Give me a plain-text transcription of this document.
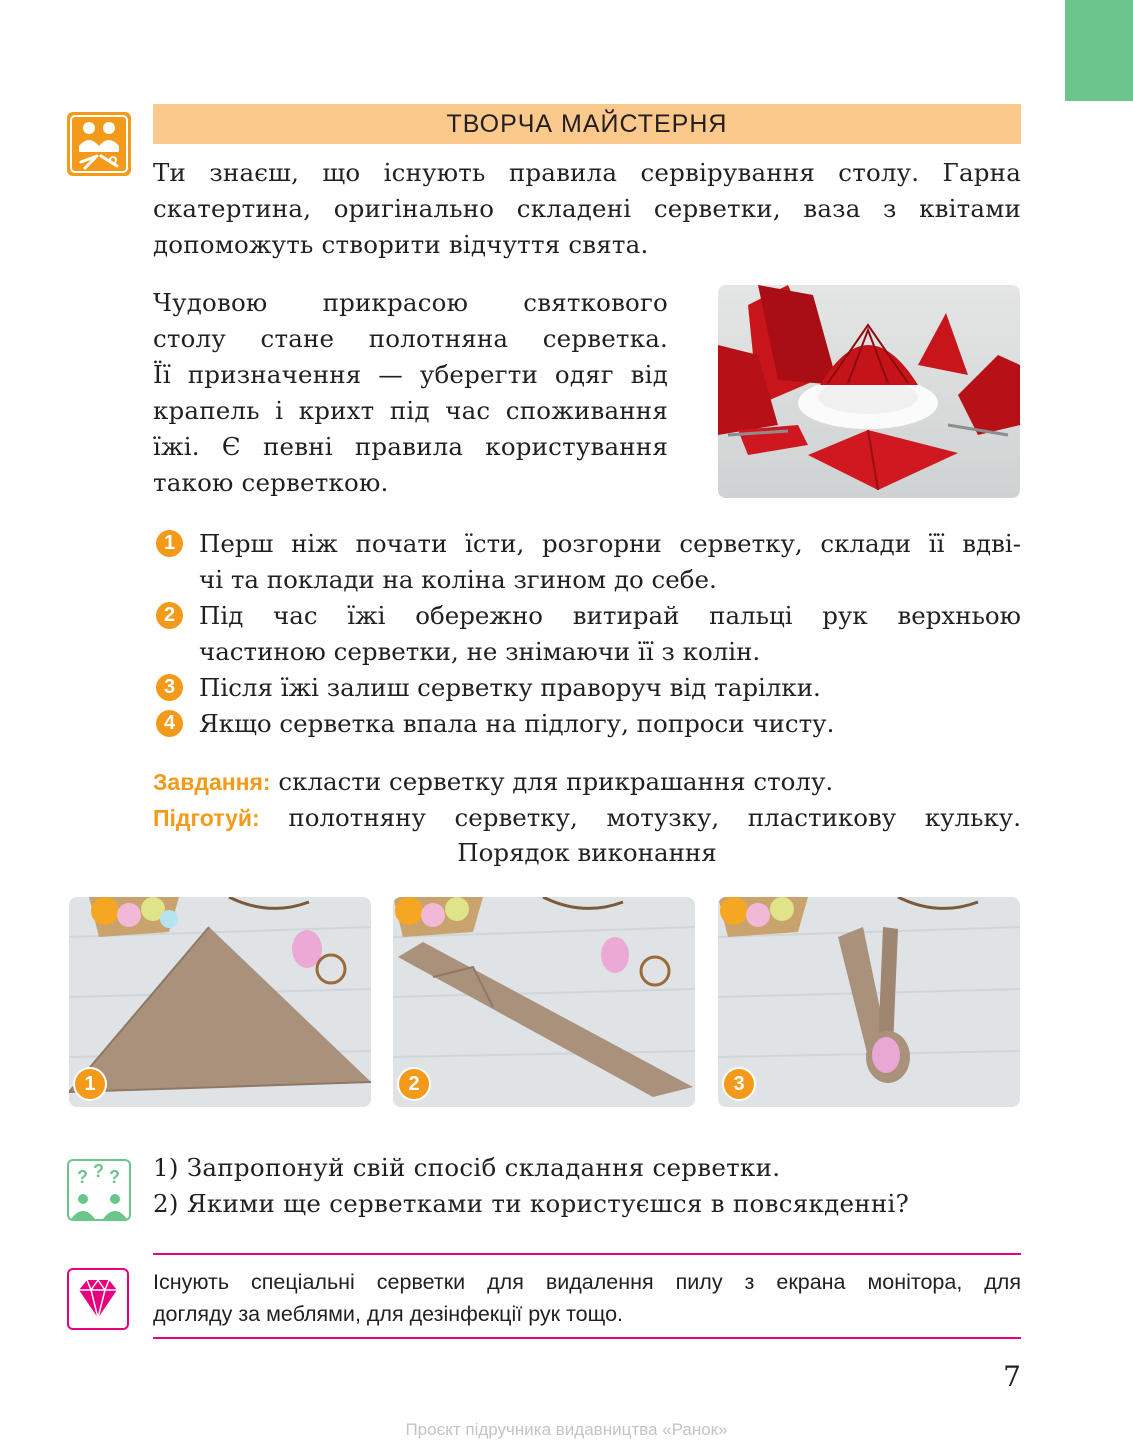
ТВОРЧА МАЙСТЕРНЯ
Ти знаєш, що існують правила сервірування столу. Гарна
скатертина, оригінально складені серветки, ваза з квітами
допоможуть створити відчуття свята.
Чудовою прикрасою святкового
столу стане полотняна серветка.
Її призначення — уберегти одяг від
крапель і крихт під час споживання
їжі. Є певні правила користування
такою серветкою.
1 Перш ніж почати їсти, розгорни серветку, склади її вдві-
чі та поклади на коліна згином до себе.
2 Під час їжі обережно витирай пальці рук верхньою
частиною серветки, не знімаючи її з колін.
3 Після їжі залиш серветку праворуч від тарілки.
4 Якщо серветка впала на підлогу, попроси чисту.
Завдання: скласти серветку для прикрашання столу.
Підготуй: полотняну серветку, мотузку, пластикову кульку.
Порядок виконання
1	2	3
? ? ? 1) Запропонуй свій спосіб складання серветки.
2) Якими ще серветками ти користуєшся в повсякденні?
Існують спеціальні серветки для видалення пилу з екрана монітора, для
догляду за меблями, для дезінфекції рук тощо.
7
Проєкт підручника видавництва «Ранок»
